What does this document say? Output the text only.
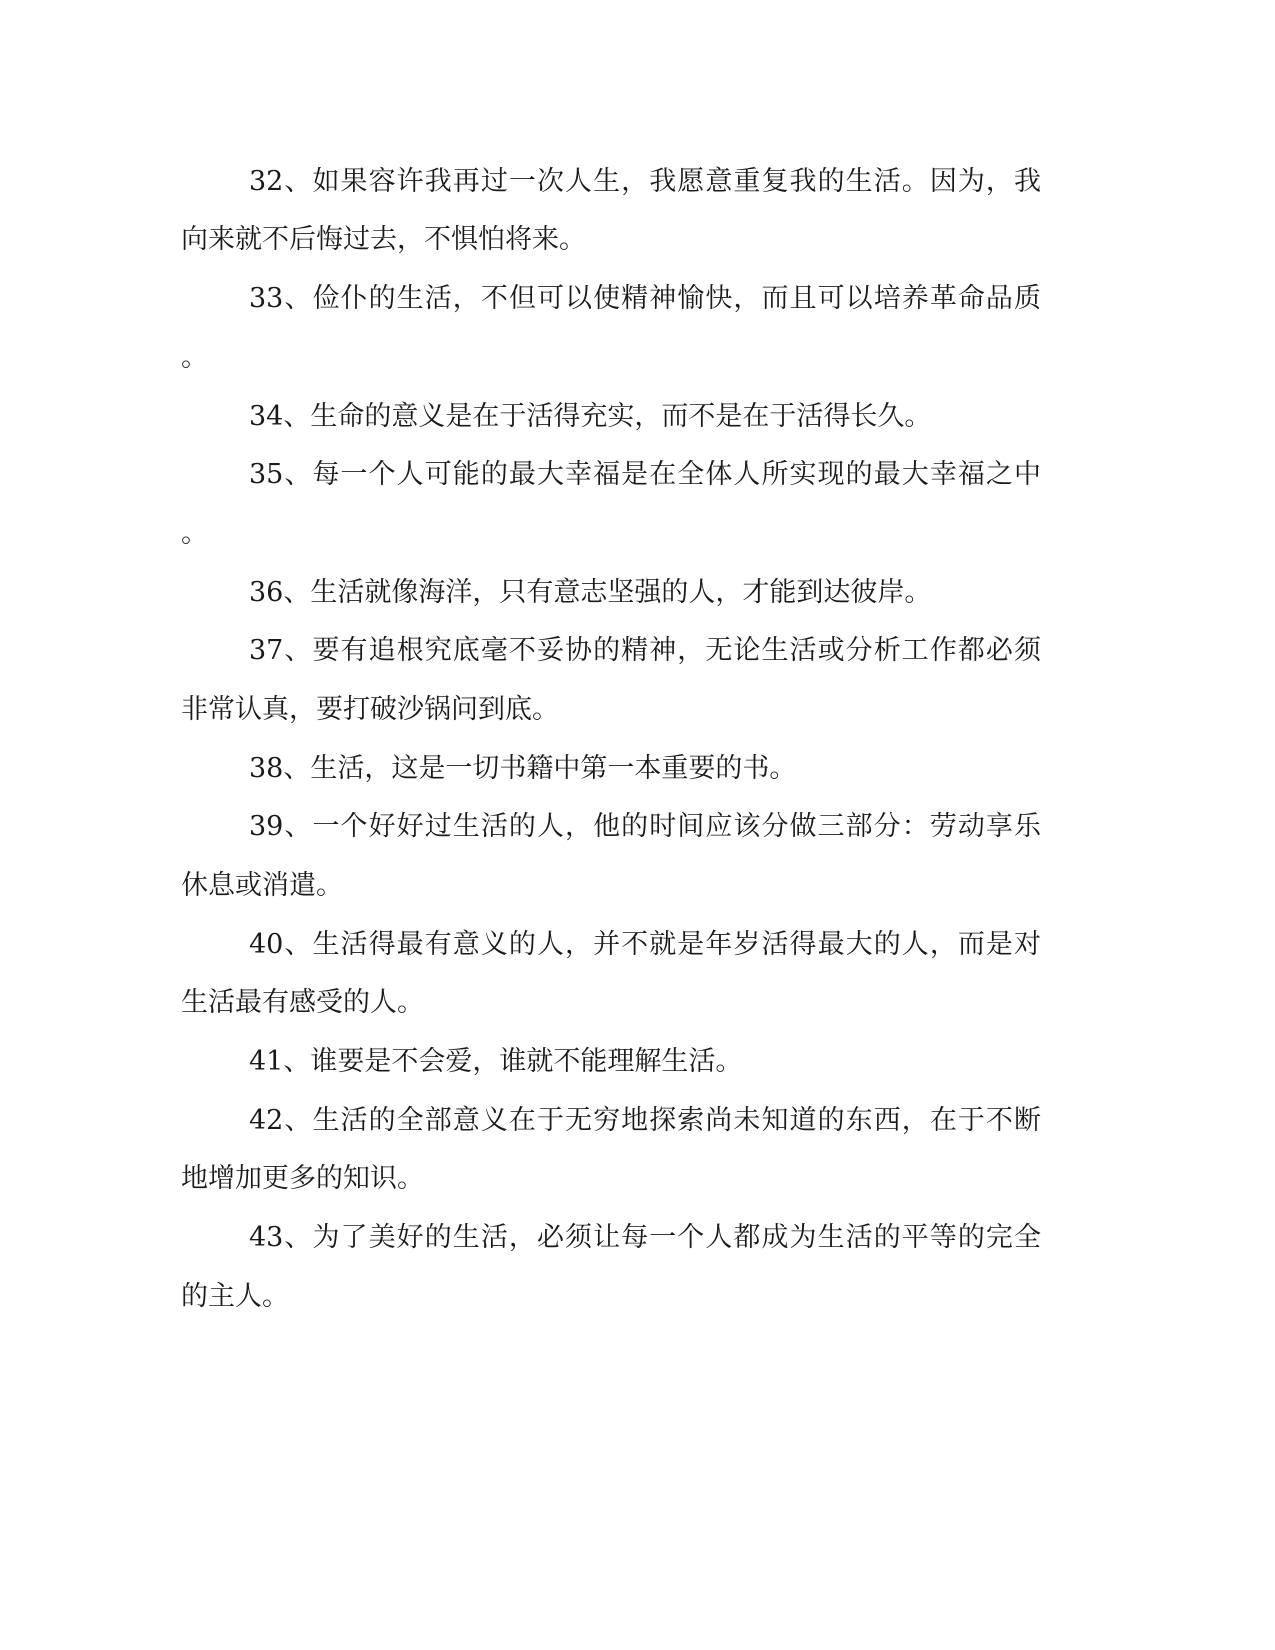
32、如果容许我再过一次人生，我愿意重复我的生活。因为，我
向来就不后悔过去，不惧怕将来。
33、俭仆的生活，不但可以使精神愉快，而且可以培养革命品质
。
34、生命的意义是在于活得充实，而不是在于活得长久。
35、每一个人可能的最大幸福是在全体人所实现的最大幸福之中
。
36、生活就像海洋，只有意志坚强的人，才能到达彼岸。
37、要有追根究底毫不妥协的精神，无论生活或分析工作都必须
非常认真，要打破沙锅问到底。
38、生活，这是一切书籍中第一本重要的书。
39、一个好好过生活的人，他的时间应该分做三部分：劳动享乐
休息或消遣。
40、生活得最有意义的人，并不就是年岁活得最大的人，而是对
生活最有感受的人。
41、谁要是不会爱，谁就不能理解生活。
42、生活的全部意义在于无穷地探索尚未知道的东西，在于不断
地增加更多的知识。
43、为了美好的生活，必须让每一个人都成为生活的平等的完全
的主人。
